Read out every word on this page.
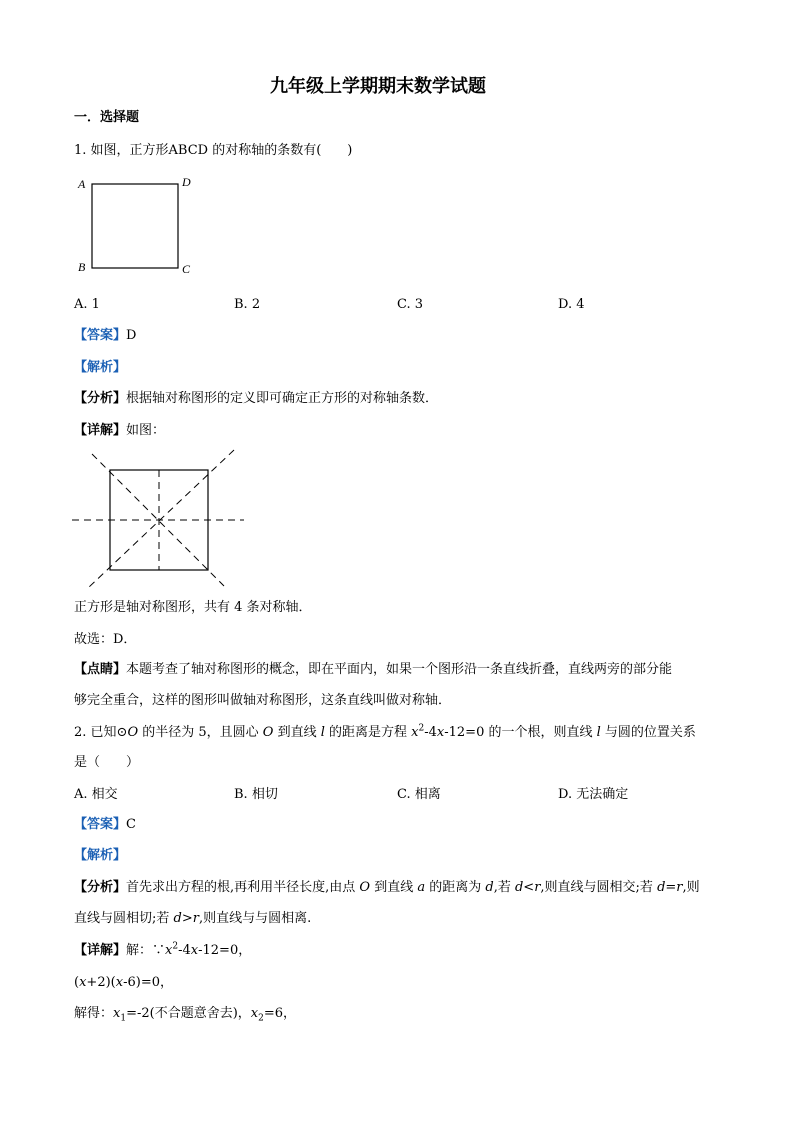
九年级上学期期末数学试题
一．选择题
1. 如图，正方形ABCD 的对称轴的条数有(　　)
A	D
B	C
A. 1	B. 2	C. 3	D. 4
【答案】D
【解析】
【分析】根据轴对称图形的定义即可确定正方形的对称轴条数．
【详解】如图：
正方形是轴对称图形，共有 4 条对称轴．
故选：D．
【点睛】本题考查了轴对称图形的概念，即在平面内，如果一个图形沿一条直线折叠，直线两旁的部分能
够完全重合，这样的图形叫做轴对称图形，这条直线叫做对称轴．
2. 已知⊙O 的半径为 5，且圆心 O 到直线 l 的距离是方程 $x^2-4x-12=0$ 的一个根，则直线 l 与圆的位置关系
是（　　）
A. 相交	B. 相切	C. 相离	D. 无法确定
【答案】C
【解析】
【分析】首先求出方程的根,再利用半径长度,由点 O 到直线 a 的距离为 d,若 d<r,则直线与圆相交;若 d=r,则
直线与圆相切;若 d>r,则直线与与圆相离.
【详解】解：$\because x^2-4x-12=0$，
(x+2)(x-6)=0，
解得：$x_1=-2$(不合题意舍去)，$x_2=6$，
